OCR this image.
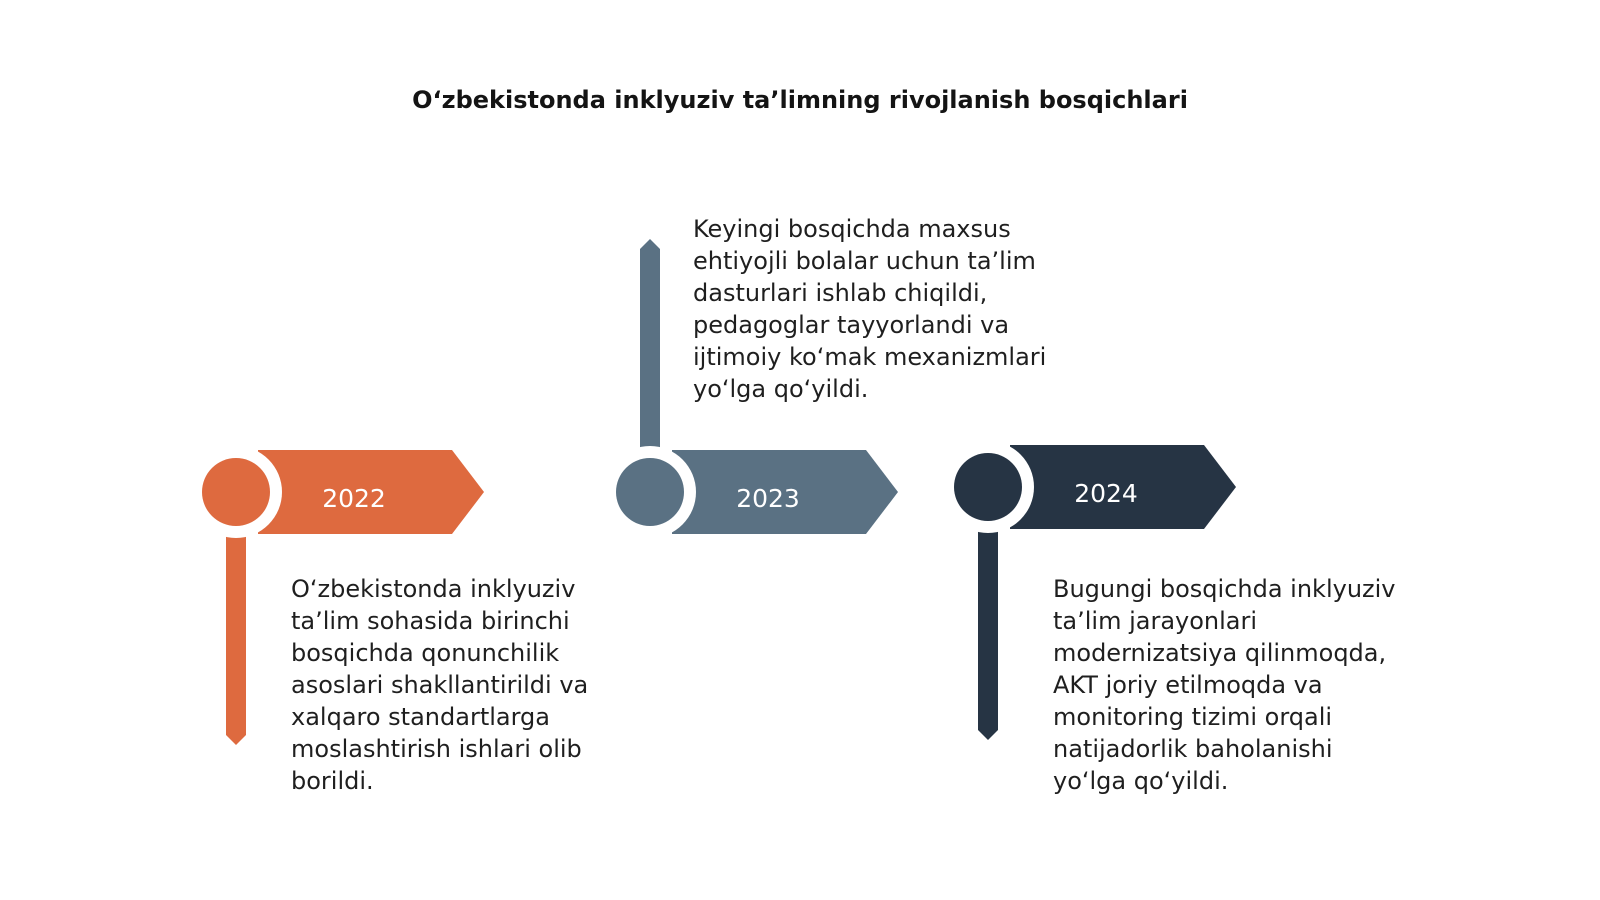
O‘zbekistonda inklyuziv ta’limning rivojlanish bosqichlari
2022	2023	2024

O‘zbekistonda inklyuziv ta’lim sohasida birinchi bosqichda qonunchilik asoslari shakllantirildi va xalqaro standartlarga moslashtirish ishlari olib borildi.

Keyingi bosqichda maxsus ehtiyojli bolalar uchun ta’lim dasturlari ishlab chiqildi, pedagoglar tayyorlandi va ijtimoiy ko‘mak mexanizmlari yo‘lga qo‘yildi.

Bugungi bosqichda inklyuziv ta’lim jarayonlari modernizatsiya qilinmoqda, AKT joriy etilmoqda va monitoring tizimi orqali natijadorlik baholanishi yo‘lga qo‘yildi.
